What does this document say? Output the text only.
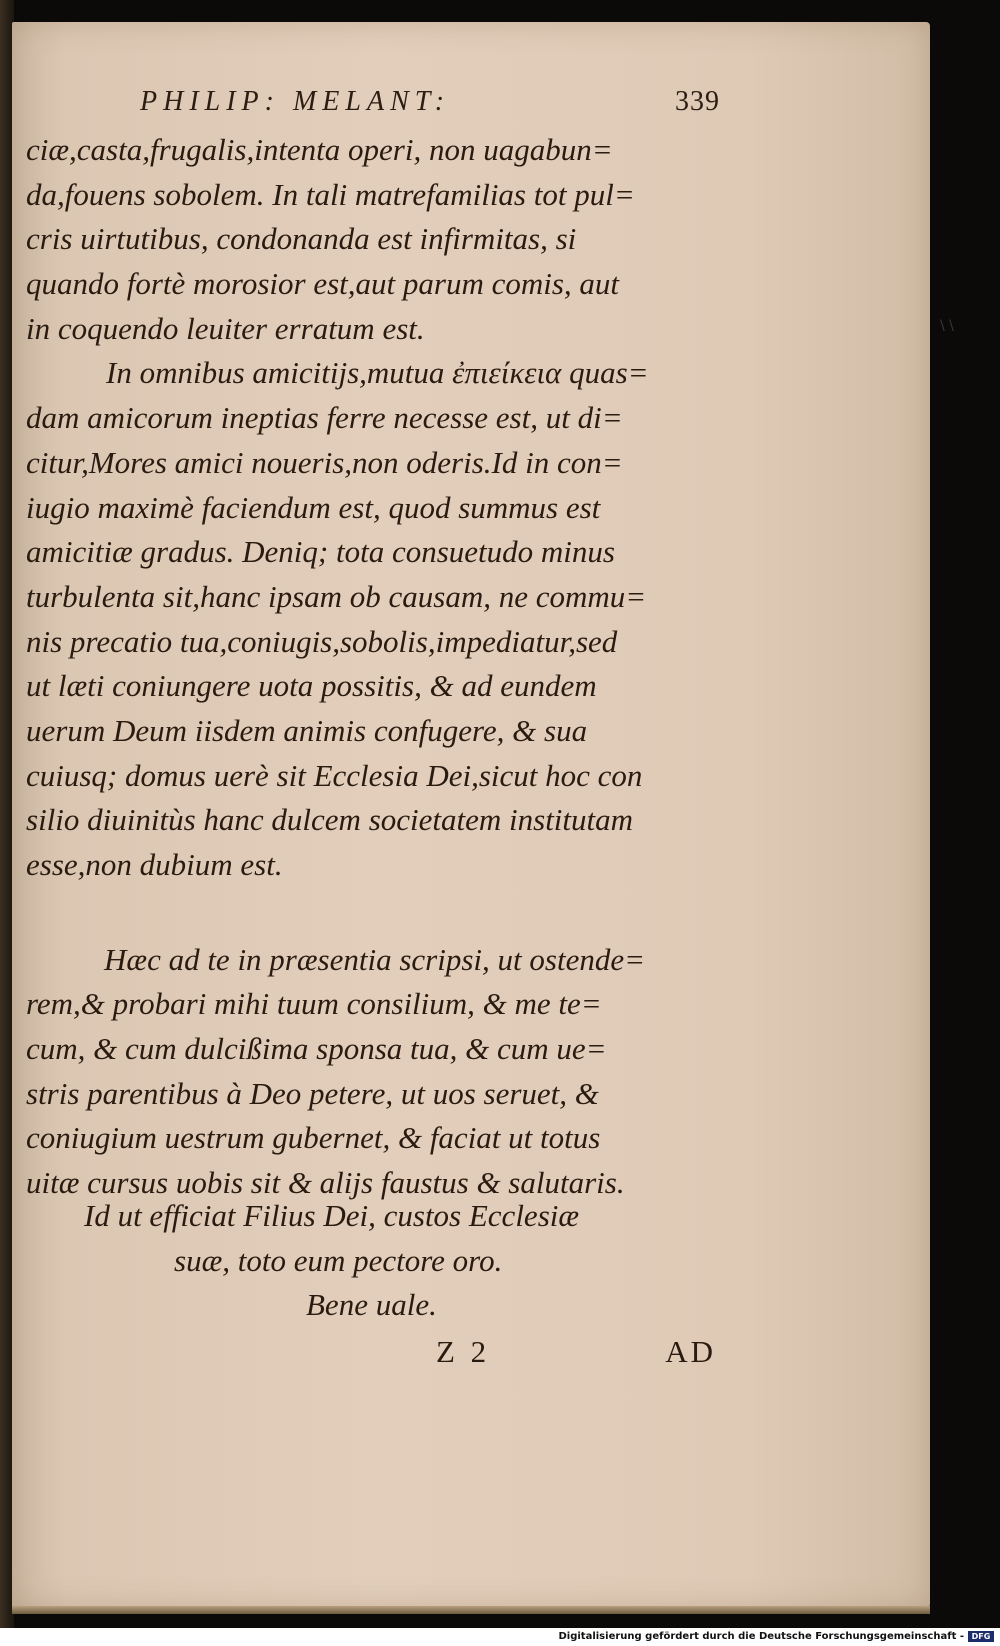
\ \
PHILIP: MELANT:	339
ciæ,casta,frugalis,intenta operi, non uagabun=
da,fouens sobolem. In tali matrefamilias tot pul=
cris uirtutibus, condonanda est infirmitas, si
quando fortè morosior est,aut parum comis, aut
in coquendo leuiter erratum est.
In omnibus amicitijs,mutua ἐπιείκεια quas=
dam amicorum ineptias ferre necesse est, ut di=
citur,Mores amici noueris,non oderis.Id in con=
iugio maximè faciendum est, quod summus est
amicitiæ gradus. Deniq; tota consuetudo minus
turbulenta sit,hanc ipsam ob causam, ne commu=
nis precatio tua,coniugis,sobolis,impediatur,sed
ut læti coniungere uota possitis, & ad eundem
uerum Deum iisdem animis confugere, & sua
cuiusq; domus uerè sit Ecclesia Dei,sicut hoc con
silio diuinitùs hanc dulcem societatem institutam
esse,non dubium est.
Hæc ad te in præsentia scripsi, ut ostende=
rem,& probari mihi tuum consilium, & me te=
cum, & cum dulcißima sponsa tua, & cum ue=
stris parentibus à Deo petere, ut uos seruet, &
coniugium uestrum gubernet, & faciat ut totus
uitæ cursus uobis sit & alijs faustus & salutaris.
Id ut efficiat Filius Dei, custos Ecclesiæ
suæ, toto eum pectore oro.
Bene uale.
Z 2	AD
Digitalisierung gefördert durch die Deutsche Forschungsgemeinschaft - DFG
